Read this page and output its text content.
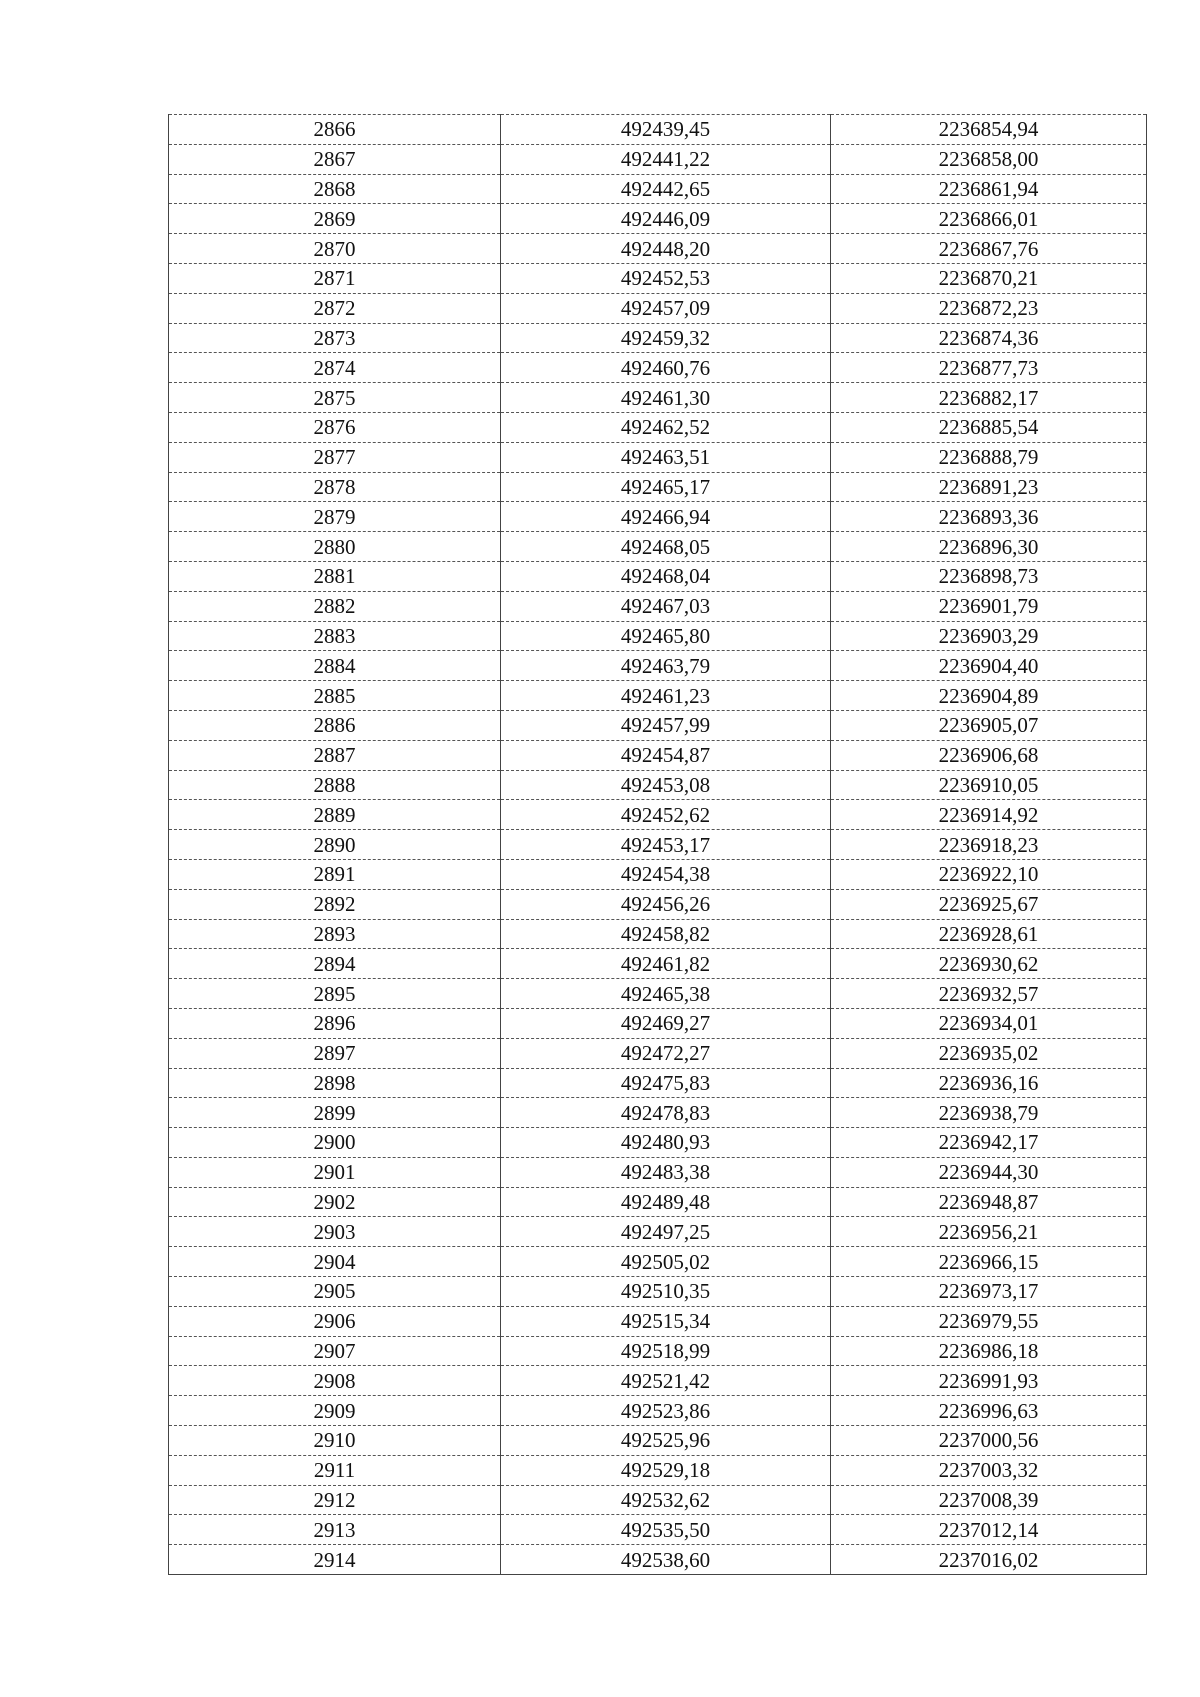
2866	492439,45	2236854,94
2867	492441,22	2236858,00
2868	492442,65	2236861,94
2869	492446,09	2236866,01
2870	492448,20	2236867,76
2871	492452,53	2236870,21
2872	492457,09	2236872,23
2873	492459,32	2236874,36
2874	492460,76	2236877,73
2875	492461,30	2236882,17
2876	492462,52	2236885,54
2877	492463,51	2236888,79
2878	492465,17	2236891,23
2879	492466,94	2236893,36
2880	492468,05	2236896,30
2881	492468,04	2236898,73
2882	492467,03	2236901,79
2883	492465,80	2236903,29
2884	492463,79	2236904,40
2885	492461,23	2236904,89
2886	492457,99	2236905,07
2887	492454,87	2236906,68
2888	492453,08	2236910,05
2889	492452,62	2236914,92
2890	492453,17	2236918,23
2891	492454,38	2236922,10
2892	492456,26	2236925,67
2893	492458,82	2236928,61
2894	492461,82	2236930,62
2895	492465,38	2236932,57
2896	492469,27	2236934,01
2897	492472,27	2236935,02
2898	492475,83	2236936,16
2899	492478,83	2236938,79
2900	492480,93	2236942,17
2901	492483,38	2236944,30
2902	492489,48	2236948,87
2903	492497,25	2236956,21
2904	492505,02	2236966,15
2905	492510,35	2236973,17
2906	492515,34	2236979,55
2907	492518,99	2236986,18
2908	492521,42	2236991,93
2909	492523,86	2236996,63
2910	492525,96	2237000,56
2911	492529,18	2237003,32
2912	492532,62	2237008,39
2913	492535,50	2237012,14
2914	492538,60	2237016,02
